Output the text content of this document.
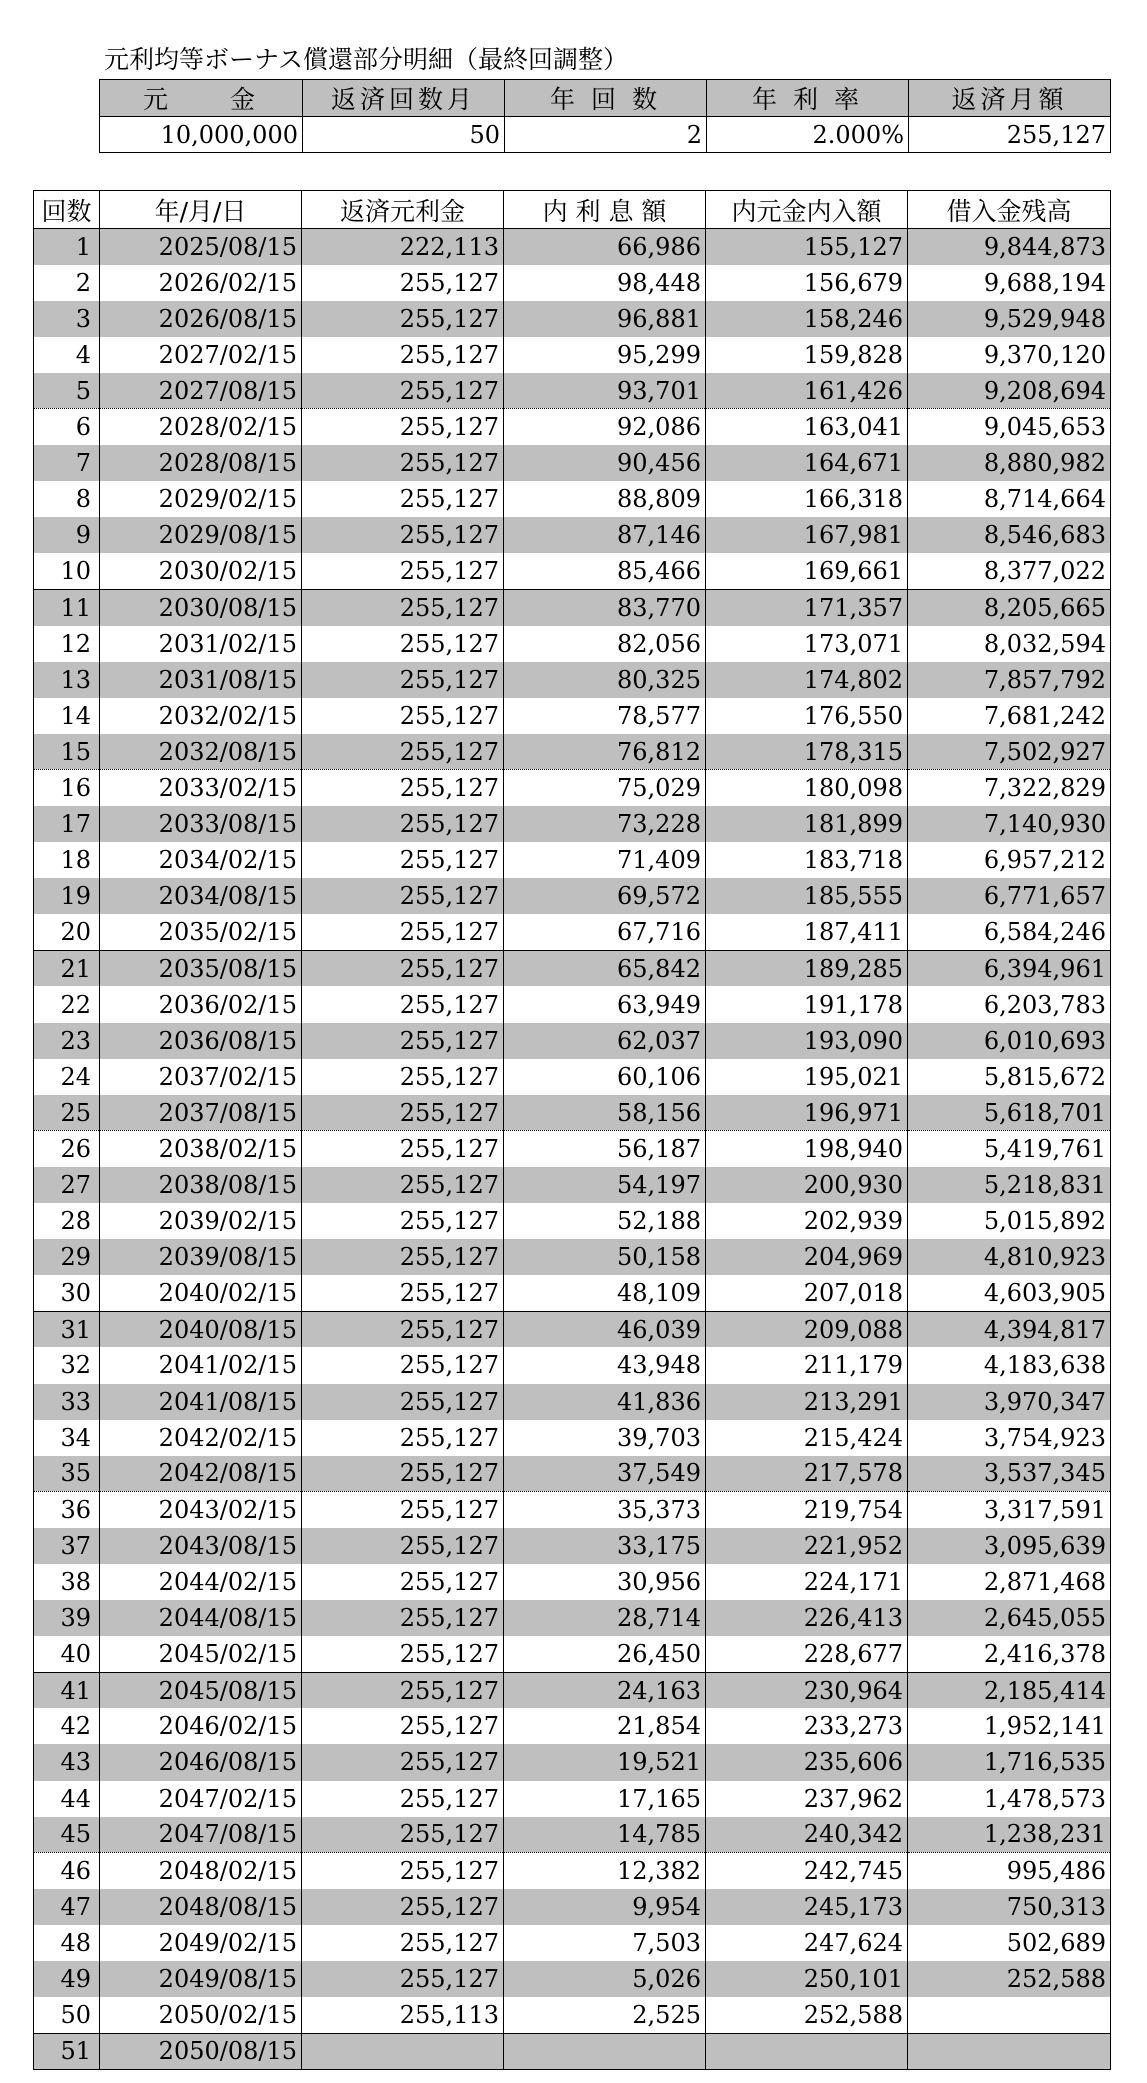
元利均等ボーナス償還部分明細（最終回調整）
元　　金	返済回数月	年 回 数	年 利 率	返済月額
10,000,000	50	2	2.000%	255,127
回数	年/月/日	返済元利金	内 利 息 額	内元金内入額	借入金残高
1	2025/08/15	222,113	66,986	155,127	9,844,873
2	2026/02/15	255,127	98,448	156,679	9,688,194
3	2026/08/15	255,127	96,881	158,246	9,529,948
4	2027/02/15	255,127	95,299	159,828	9,370,120
5	2027/08/15	255,127	93,701	161,426	9,208,694
6	2028/02/15	255,127	92,086	163,041	9,045,653
7	2028/08/15	255,127	90,456	164,671	8,880,982
8	2029/02/15	255,127	88,809	166,318	8,714,664
9	2029/08/15	255,127	87,146	167,981	8,546,683
10	2030/02/15	255,127	85,466	169,661	8,377,022
11	2030/08/15	255,127	83,770	171,357	8,205,665
12	2031/02/15	255,127	82,056	173,071	8,032,594
13	2031/08/15	255,127	80,325	174,802	7,857,792
14	2032/02/15	255,127	78,577	176,550	7,681,242
15	2032/08/15	255,127	76,812	178,315	7,502,927
16	2033/02/15	255,127	75,029	180,098	7,322,829
17	2033/08/15	255,127	73,228	181,899	7,140,930
18	2034/02/15	255,127	71,409	183,718	6,957,212
19	2034/08/15	255,127	69,572	185,555	6,771,657
20	2035/02/15	255,127	67,716	187,411	6,584,246
21	2035/08/15	255,127	65,842	189,285	6,394,961
22	2036/02/15	255,127	63,949	191,178	6,203,783
23	2036/08/15	255,127	62,037	193,090	6,010,693
24	2037/02/15	255,127	60,106	195,021	5,815,672
25	2037/08/15	255,127	58,156	196,971	5,618,701
26	2038/02/15	255,127	56,187	198,940	5,419,761
27	2038/08/15	255,127	54,197	200,930	5,218,831
28	2039/02/15	255,127	52,188	202,939	5,015,892
29	2039/08/15	255,127	50,158	204,969	4,810,923
30	2040/02/15	255,127	48,109	207,018	4,603,905
31	2040/08/15	255,127	46,039	209,088	4,394,817
32	2041/02/15	255,127	43,948	211,179	4,183,638
33	2041/08/15	255,127	41,836	213,291	3,970,347
34	2042/02/15	255,127	39,703	215,424	3,754,923
35	2042/08/15	255,127	37,549	217,578	3,537,345
36	2043/02/15	255,127	35,373	219,754	3,317,591
37	2043/08/15	255,127	33,175	221,952	3,095,639
38	2044/02/15	255,127	30,956	224,171	2,871,468
39	2044/08/15	255,127	28,714	226,413	2,645,055
40	2045/02/15	255,127	26,450	228,677	2,416,378
41	2045/08/15	255,127	24,163	230,964	2,185,414
42	2046/02/15	255,127	21,854	233,273	1,952,141
43	2046/08/15	255,127	19,521	235,606	1,716,535
44	2047/02/15	255,127	17,165	237,962	1,478,573
45	2047/08/15	255,127	14,785	240,342	1,238,231
46	2048/02/15	255,127	12,382	242,745	995,486
47	2048/08/15	255,127	9,954	245,173	750,313
48	2049/02/15	255,127	7,503	247,624	502,689
49	2049/08/15	255,127	5,026	250,101	252,588
50	2050/02/15	255,113	2,525	252,588	
51	2050/08/15				
